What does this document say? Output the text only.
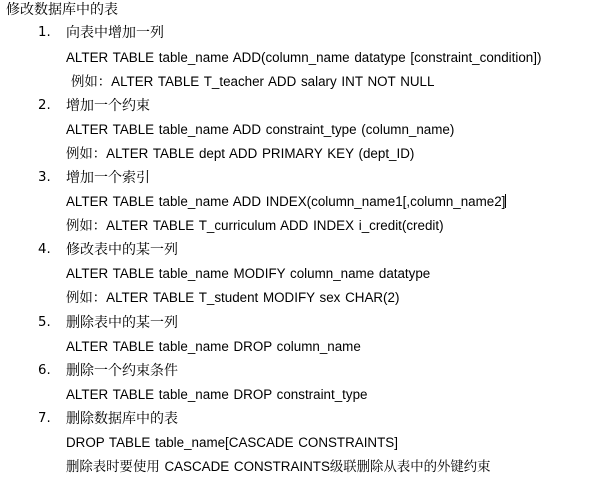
修改数据库中的表
1. 向表中增加一列
ALTER TABLE table_name ADD(column_name datatype [constraint_condition])
例如：ALTER TABLE T_teacher ADD salary INT NOT NULL
2. 增加一个约束
ALTER TABLE table_name ADD constraint_type (column_name)
例如：ALTER TABLE dept ADD PRIMARY KEY (dept_ID)
3. 增加一个索引
ALTER TABLE table_name ADD INDEX(column_name1[,column_name2]
例如：ALTER TABLE T_curriculum ADD INDEX i_credit(credit)
4. 修改表中的某一列
ALTER TABLE table_name MODIFY column_name datatype
例如：ALTER TABLE T_student MODIFY sex CHAR(2)
5. 删除表中的某一列
ALTER TABLE table_name DROP column_name
6. 删除一个约束条件
ALTER TABLE table_name DROP constraint_type
7. 删除数据库中的表
DROP TABLE table_name[CASCADE CONSTRAINTS]
删除表时要使用 CASCADE CONSTRAINTS级联删除从表中的外键约束
